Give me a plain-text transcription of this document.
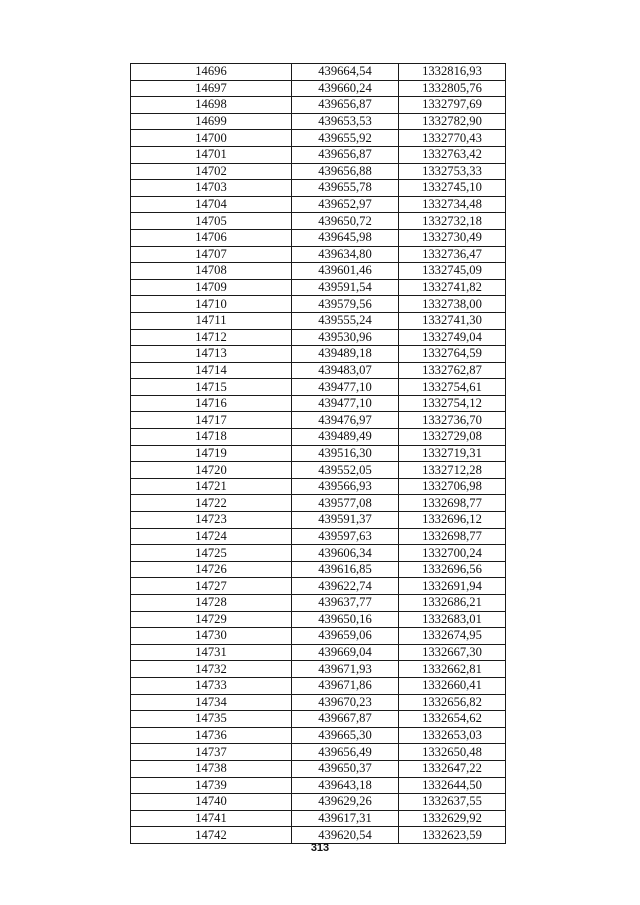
14696	439664,54	1332816,93
14697	439660,24	1332805,76
14698	439656,87	1332797,69
14699	439653,53	1332782,90
14700	439655,92	1332770,43
14701	439656,87	1332763,42
14702	439656,88	1332753,33
14703	439655,78	1332745,10
14704	439652,97	1332734,48
14705	439650,72	1332732,18
14706	439645,98	1332730,49
14707	439634,80	1332736,47
14708	439601,46	1332745,09
14709	439591,54	1332741,82
14710	439579,56	1332738,00
14711	439555,24	1332741,30
14712	439530,96	1332749,04
14713	439489,18	1332764,59
14714	439483,07	1332762,87
14715	439477,10	1332754,61
14716	439477,10	1332754,12
14717	439476,97	1332736,70
14718	439489,49	1332729,08
14719	439516,30	1332719,31
14720	439552,05	1332712,28
14721	439566,93	1332706,98
14722	439577,08	1332698,77
14723	439591,37	1332696,12
14724	439597,63	1332698,77
14725	439606,34	1332700,24
14726	439616,85	1332696,56
14727	439622,74	1332691,94
14728	439637,77	1332686,21
14729	439650,16	1332683,01
14730	439659,06	1332674,95
14731	439669,04	1332667,30
14732	439671,93	1332662,81
14733	439671,86	1332660,41
14734	439670,23	1332656,82
14735	439667,87	1332654,62
14736	439665,30	1332653,03
14737	439656,49	1332650,48
14738	439650,37	1332647,22
14739	439643,18	1332644,50
14740	439629,26	1332637,55
14741	439617,31	1332629,92
14742	439620,54	1332623,59
313
